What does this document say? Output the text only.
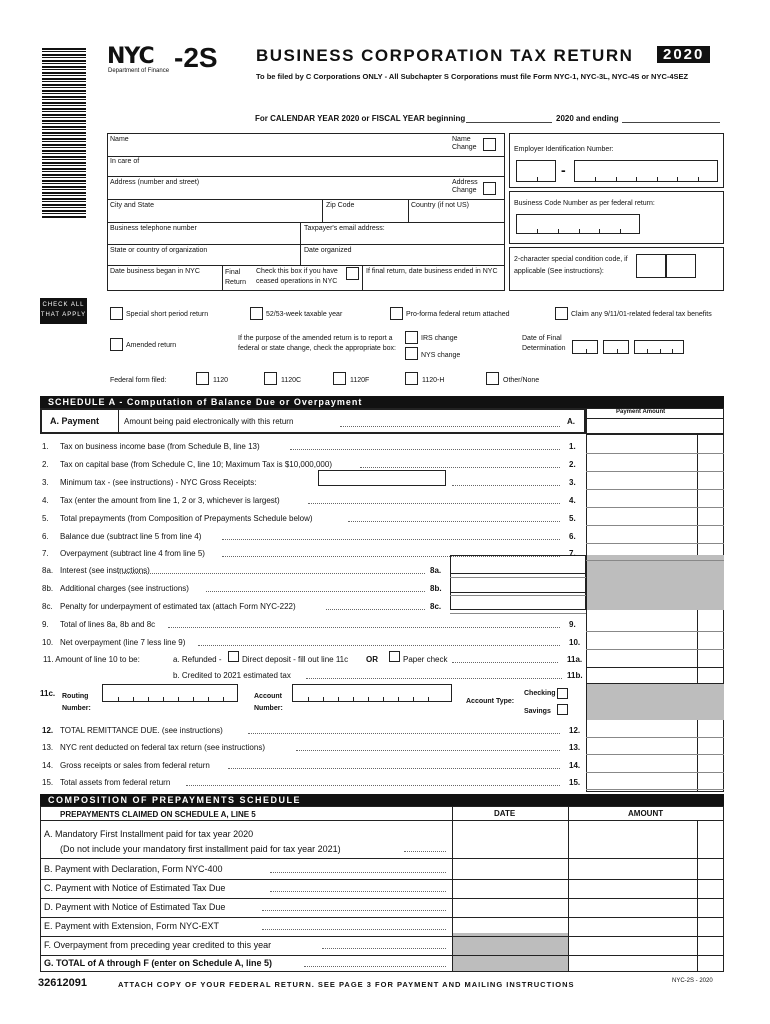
NYC
Department of Finance -2S BUSINESS CORPORATION TAX RETURN	2020
To be filed by C Corporations ONLY - All Subchapter S Corporations must file Form NYC-1, NYC-3L, NYC-4S or NYC-4SEZ
For CALENDAR YEAR 2020 or FISCAL YEAR beginning	2020 and ending
Name	Name Change
In care of
Address (number and street)	Address Change
City and State	Zip Code	Country (if not US)
Business telephone number	Taxpayer's email address:
State or country of organization	Date organized
Date business began in NYC	Final Return
Check this box if you have ceased operations in NYC
If final return, date business ended in NYC
Employer Identification Number:
-
Business Code Number as per federal return:
2-character special condition code, if applicable (See instructions):
CHECK ALL THAT APPLY	Special short period return	52/53-week taxable year	Pro-forma federal return attached	Claim any 9/11/01-related federal tax benefits
Amended return
If the purpose of the amended return is to report a federal or state change, check the appropriate box:
IRS change
NYS change
Date of Final Determination
Federal form filed:	1120	1120C	1120F	1120-H	Other/None
SCHEDULE A - Computation of Balance Due or Overpayment
A. Payment	Amount being paid electronically with this return	A.
Payment Amount
1. Tax on business income base (from Schedule B, line 13)	1.
2. Tax on capital base (from Schedule C, line 10; Maximum Tax is $10,000,000)	2.
3. Minimum tax - (see instructions) - NYC Gross Receipts:	3.
4. Tax (enter the amount from line 1, 2 or 3, whichever is largest)	4.
5. Total prepayments (from Composition of Prepayments Schedule below)	5.
6. Balance due (subtract line 5 from line 4)	6.
7. Overpayment (subtract line 4 from line 5)	7.
8a. Interest (see instructions)	8a.
8b. Additional charges (see instructions)	8b.
8c. Penalty for underpayment of estimated tax (attach Form NYC-222)	8c.
9. Total of lines 8a, 8b and 8c	9.
10. Net overpayment (line 7 less line 9)	10.
11. Amount of line 10 to be:	a. Refunded -	Direct deposit - fill out line 11c OR	Paper check	11a.
b. Credited to 2021 estimated tax	11b.
11c. Routing Number:
Account Number:
Account Type:
Checking
Savings
12. TOTAL REMITTANCE DUE. (see instructions)	12.
13. NYC rent deducted on federal tax return (see instructions)	13.
14. Gross receipts or sales from federal return	14.
15. Total assets from federal return	15.
COMPOSITION OF PREPAYMENTS SCHEDULE
PREPAYMENTS CLAIMED ON SCHEDULE A, LINE 5	DATE	AMOUNT
A. Mandatory First Installment paid for tax year 2020
B. Payment with Declaration, Form NYC-400
C. Payment with Notice of Estimated Tax Due
D. Payment with Notice of Estimated Tax Due
E. Payment with Extension, Form NYC-EXT
F. Overpayment from preceding year credited to this year
G. TOTAL of A through F (enter on Schedule A, line 5)
(Do not include your mandatory first installment paid for tax year 2021)
32612091	ATTACH COPY OF YOUR FEDERAL RETURN. SEE PAGE 3 FOR PAYMENT AND MAILING INSTRUCTIONS	NYC-2S - 2020
